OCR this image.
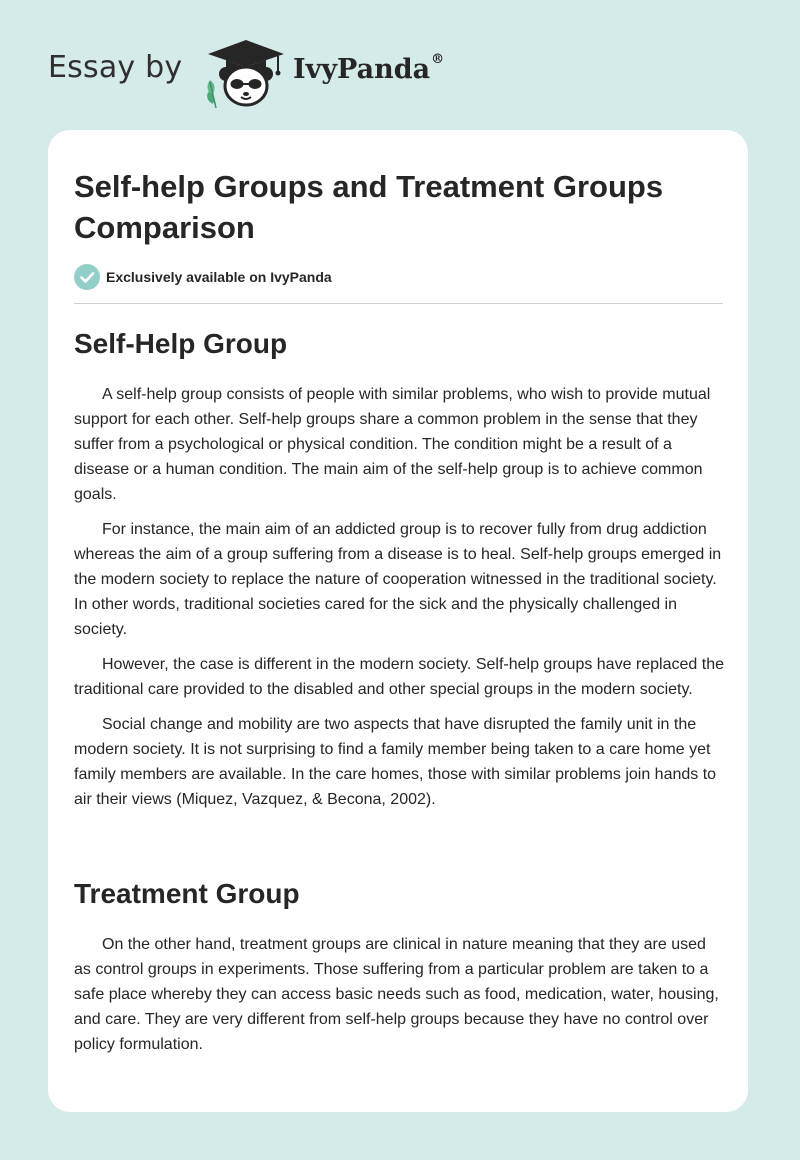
Essay by	IvyPanda®
Self-help Groups and Treatment Groups Comparison
Exclusively available on IvyPanda
Self-Help Group

A self-help group consists of people with similar problems, who wish to provide mutual support for each other. Self-help groups share a common problem in the sense that they suffer from a psychological or physical condition. The condition might be a result of a disease or a human condition. The main aim of the self-help group is to achieve common goals.

For instance, the main aim of an addicted group is to recover fully from drug addiction whereas the aim of a group suffering from a disease is to heal. Self-help groups emerged in the modern society to replace the nature of cooperation witnessed in the traditional society. In other words, traditional societies cared for the sick and the physically challenged in society.

However, the case is different in the modern society. Self-help groups have replaced the traditional care provided to the disabled and other special groups in the modern society.

Social change and mobility are two aspects that have disrupted the family unit in the modern society. It is not surprising to find a family member being taken to a care home yet family members are available. In the care homes, those with similar problems join hands to air their views (Miquez, Vazquez, & Becona, 2002).

Treatment Group

On the other hand, treatment groups are clinical in nature meaning that they are used as control groups in experiments. Those suffering from a particular problem are taken to a safe place whereby they can access basic needs such as food, medication, water, housing, and care. They are very different from self-help groups because they have no control over policy formulation.
